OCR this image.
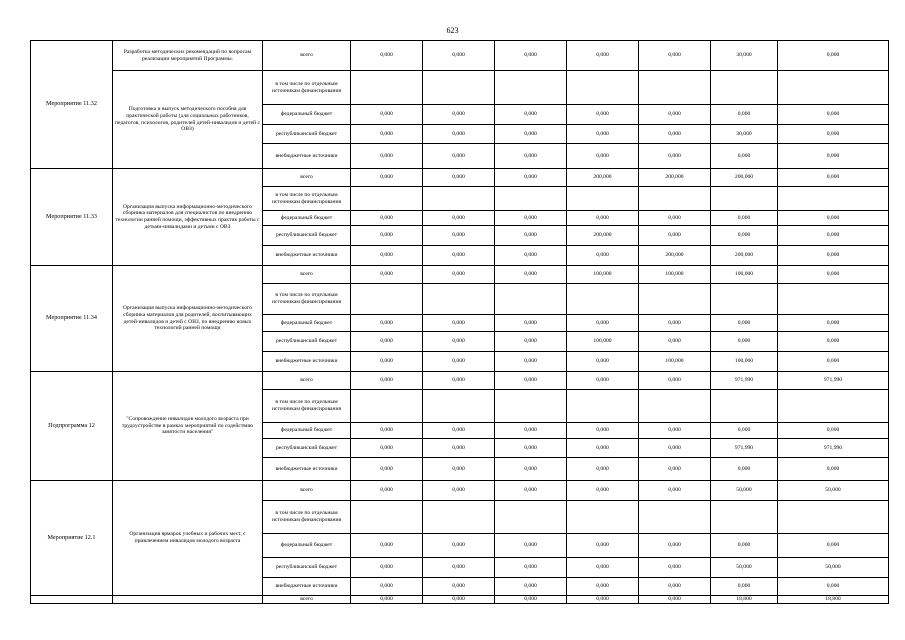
623
Мероприятие 11.32	Разработка методических рекомендаций по вопросам реализации мероприятий Программы.	всего	0,000	0,000	0,000	0,000	0,000	30,000	0,000
	Подготовка и выпуск методического пособия для практической работы (для социальных работников, педагогов, психологов, родителей детей-инвалидов и детей с ОВЗ)	в том числе по отдельным источникам финансирования							
		федеральный бюджет	0,000	0,000	0,000	0,000	0,000	0,000	0,000
		республиканский бюджет	0,000	0,000	0,000	0,000	0,000	30,000	0,000
		внебюджетные источники	0,000	0,000	0,000	0,000	0,000	0,000	0,000
Мероприятие 11.33	Организация выпуска информационно-методического сборника материалов для специалистов по внедрению технологии ранней помощи, эффективных практик работы с детьми-инвалидами и детьми с ОВЗ	всего	0,000	0,000	0,000	200,000	200,000	200,000	0,000
		в том числе по отдельным источникам финансирования							
		федеральный бюджет	0,000	0,000	0,000	0,000	0,000	0,000	0,000
		республиканский бюджет	0,000	0,000	0,000	200,000	0,000	0,000	0,000
		внебюджетные источники	0,000	0,000	0,000	0,000	200,000	200,000	0,000
Мероприятие 11.34	Организация выпуска информационно-методического сборника материалов для родителей, воспитывающих детей-инвалидов и детей с ОВЗ, по внедрению новых технологий ранней помощи	всего	0,000	0,000	0,000	100,000	100,000	100,000	0,000
		в том числе по отдельным источникам финансирования							
		федеральный бюджет	0,000	0,000	0,000	0,000	0,000	0,000	0,000
		республиканский бюджет	0,000	0,000	0,000	100,000	0,000	0,000	0,000
		внебюджетные источники	0,000	0,000	0,000	0,000	100,000	100,000	0,000
Подпрограмма 12	"Сопровождение инвалидов молодого возраста при трудоустройстве в рамках мероприятий по содействию занятости населения"	всего	0,000	0,000	0,000	0,000	0,000	971,990	971,990
		в том числе по отдельным источникам финансирования							
		федеральный бюджет	0,000	0,000	0,000	0,000	0,000	0,000	0,000
		республиканский бюджет	0,000	0,000	0,000	0,000	0,000	971,990	971,990
		внебюджетные источники	0,000	0,000	0,000	0,000	0,000	0,000	0,000
Мероприятие 12.1	Организация ярмарок учебных и рабочих мест, с привлечением инвалидов молодого возраста	всего	0,000	0,000	0,000	0,000	0,000	50,000	50,000
		в том числе по отдельным источникам финансирования							
		федеральный бюджет	0,000	0,000	0,000	0,000	0,000	0,000	0,000
		республиканский бюджет	0,000	0,000	0,000	0,000	0,000	50,000	50,000
		внебюджетные источники	0,000	0,000	0,000	0,000	0,000	0,000	0,000
		всего	0,000	0,000	0,000	0,000	0,000	18,800	18,800
